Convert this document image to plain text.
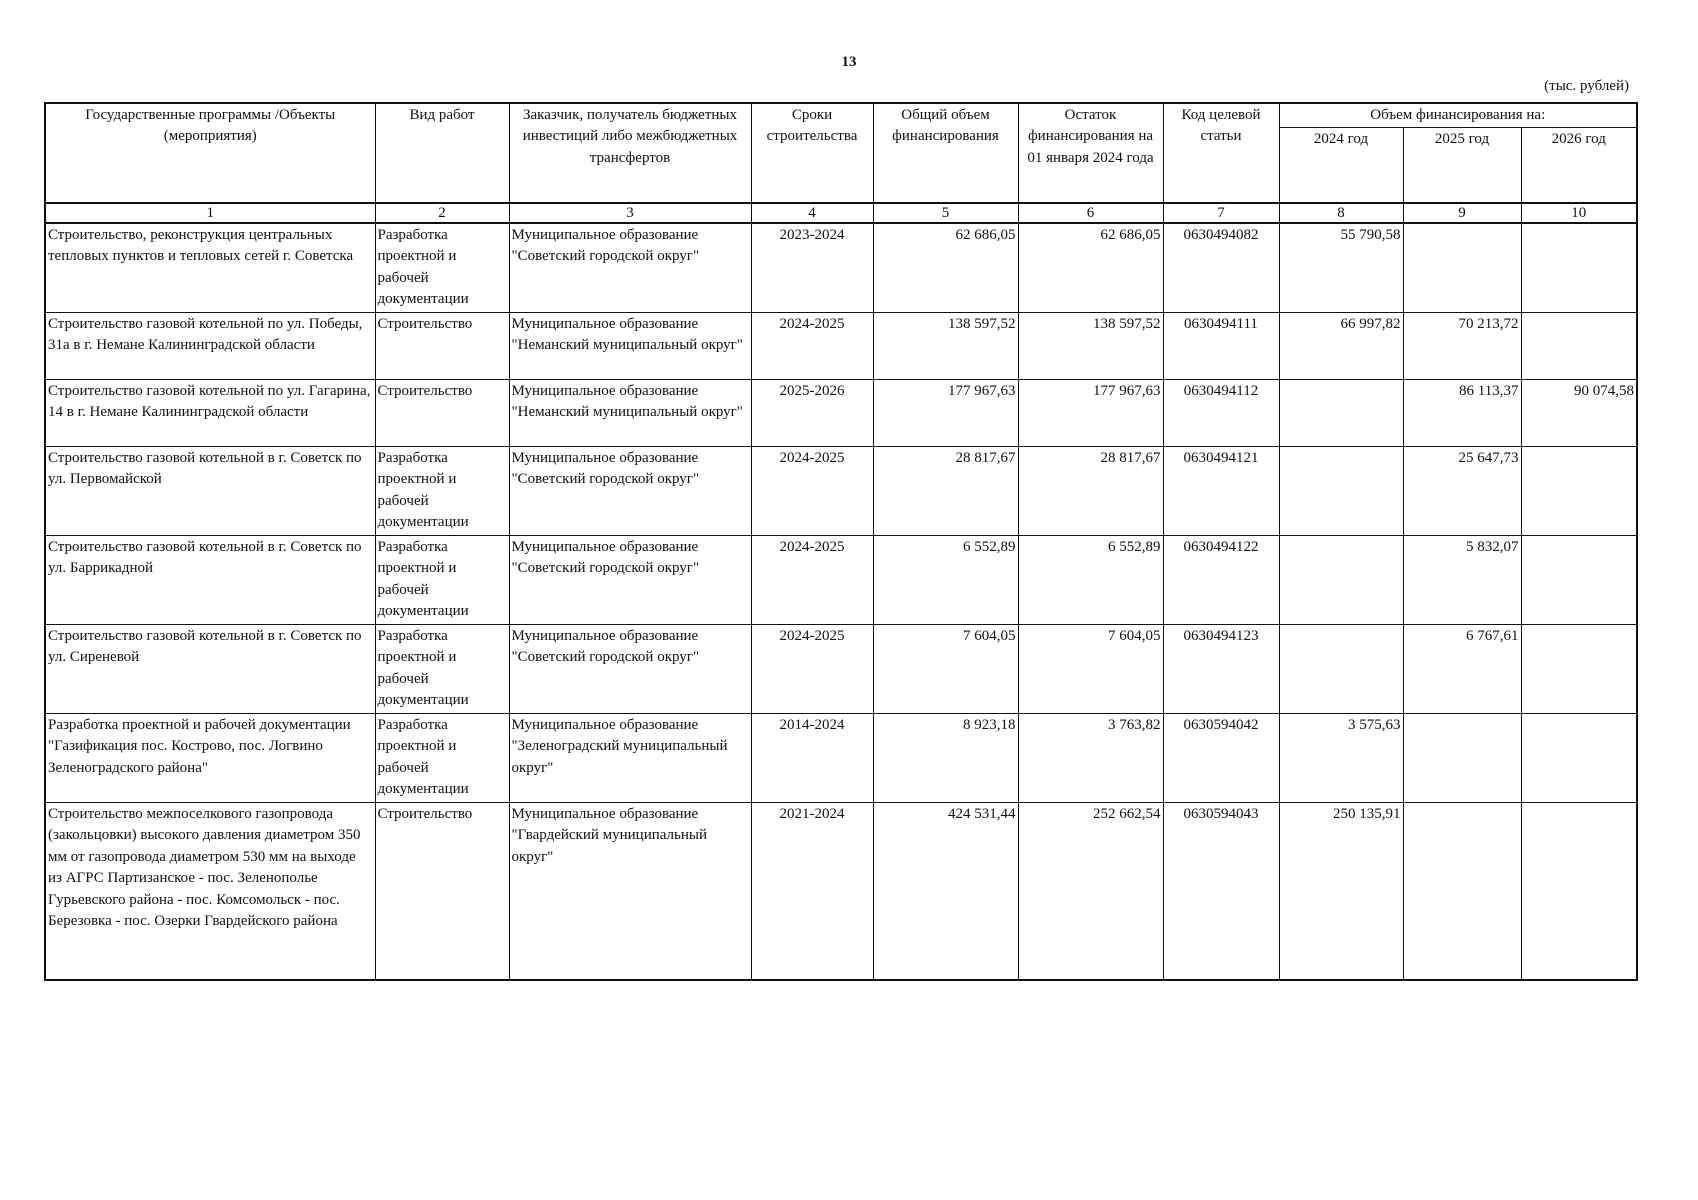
13
(тыс. рублей)
Государственные программы /Объекты (мероприятия)	Вид работ	Заказчик, получатель бюджетных инвестиций либо межбюджетных трансфертов	Сроки строительства	Общий объем финансирования	Остаток финансирования на 01 января 2024 года	Код целевой статьи	Объем финансирования на:		
							2024 год	2025 год	2026 год
1	2	3	4	5	6	7	8	9	10
Строительство, реконструкция центральных тепловых пунктов и тепловых сетей г. Советска	Разработка проектной и рабочей документации	Муниципальное образование "Советский городской округ"	2023-2024	62 686,05	62 686,05	0630494082	55 790,58		
Строительство газовой котельной по ул. Победы, 31а в г. Немане Калининградской области	Строительство	Муниципальное образование "Неманский муниципальный округ"	2024-2025	138 597,52	138 597,52	0630494111	66 997,82	70 213,72	
Строительство газовой котельной по ул. Гагарина, 14 в г. Немане Калининградской области	Строительство	Муниципальное образование "Неманский муниципальный округ"	2025-2026	177 967,63	177 967,63	0630494112		86 113,37	90 074,58
Строительство газовой котельной в г. Советск по ул. Первомайской	Разработка проектной и рабочей документации	Муниципальное образование "Советский городской округ"	2024-2025	28 817,67	28 817,67	0630494121		25 647,73	
Строительство газовой котельной в г. Советск по ул. Баррикадной	Разработка проектной и рабочей документации	Муниципальное образование "Советский городской округ"	2024-2025	6 552,89	6 552,89	0630494122		5 832,07	
Строительство газовой котельной в г. Советск по ул. Сиреневой	Разработка проектной и рабочей документации	Муниципальное образование "Советский городской округ"	2024-2025	7 604,05	7 604,05	0630494123		6 767,61	
Разработка проектной и рабочей документации "Газификация пос. Кострово, пос. Логвино Зеленоградского района"	Разработка проектной и рабочей документации	Муниципальное образование "Зеленоградский муниципальный округ"	2014-2024	8 923,18	3 763,82	0630594042	3 575,63		
Строительство межпоселкового газопровода (закольцовки) высокого давления диаметром 350 мм от газопровода диаметром 530 мм на выходе из АГРС Партизанское - пос. Зеленополье Гурьевского района - пос. Комсомольск - пос. Березовка - пос. Озерки Гвардейского района	Строительство	Муниципальное образование "Гвардейский муниципальный округ"	2021-2024	424 531,44	252 662,54	0630594043	250 135,91		
